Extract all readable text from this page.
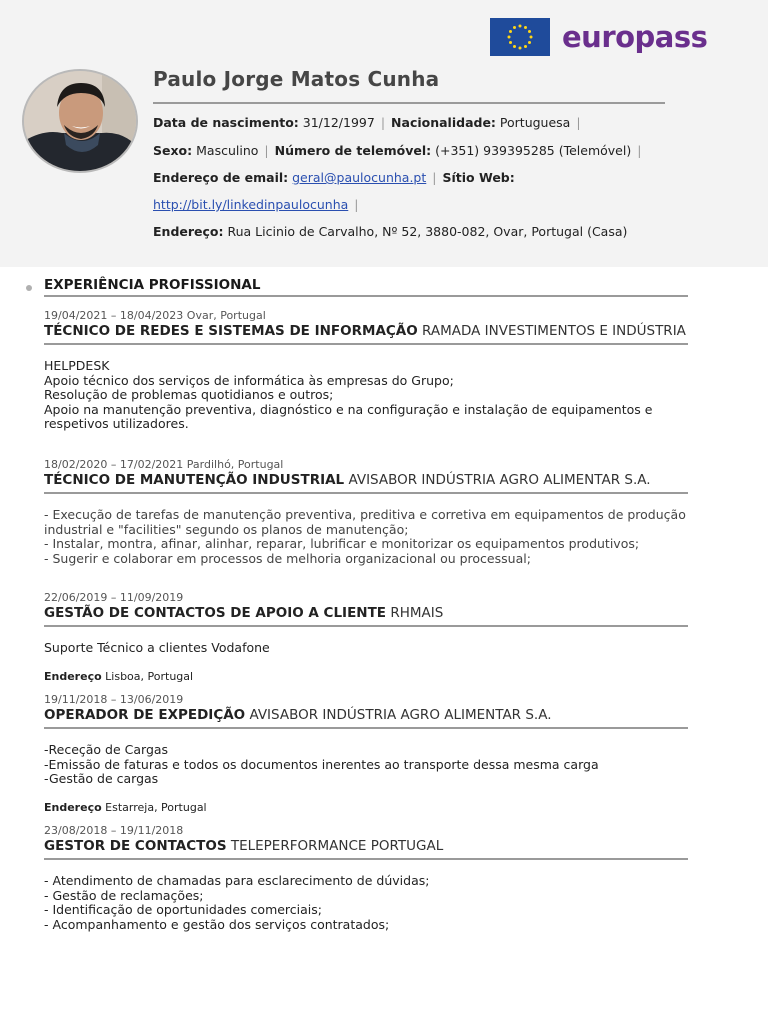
europass
Paulo Jorge Matos Cunha
Data de nascimento: 31/12/1997 | Nacionalidade: Portuguesa |
Sexo: Masculino | Número de telemóvel: (+351) 939395285 (Telemóvel) |
Endereço de email: geral@paulocunha.pt | Sítio Web:
http://bit.ly/linkedinpaulocunha |
Endereço: Rua Licinio de Carvalho, Nº 52, 3880-082, Ovar, Portugal (Casa)
EXPERIÊNCIA PROFISSIONAL
19/04/2021 – 18/04/2023 Ovar, Portugal
TÉCNICO DE REDES E SISTEMAS DE INFORMAÇÃO RAMADA INVESTIMENTOS E INDÚSTRIA
HELPDESK
Apoio técnico dos serviços de informática às empresas do Grupo;
Resolução de problemas quotidianos e outros;
Apoio na manutenção preventiva, diagnóstico e na configuração e instalação de equipamentos e respetivos utilizadores.
18/02/2020 – 17/02/2021 Pardilhó, Portugal
TÉCNICO DE MANUTENÇÃO INDUSTRIAL AVISABOR INDÚSTRIA AGRO ALIMENTAR S.A.
- Execução de tarefas de manutenção preventiva, preditiva e corretiva em equipamentos de produção industrial e "facilities" segundo os planos de manutenção;
- Instalar, montra, afinar, alinhar, reparar, lubrificar e monitorizar os equipamentos produtivos;
- Sugerir e colaborar em processos de melhoria organizacional ou processual;
22/06/2019 – 11/09/2019
GESTÃO DE CONTACTOS DE APOIO A CLIENTE RHMAIS
Suporte Técnico a clientes Vodafone
Endereço Lisboa, Portugal
19/11/2018 – 13/06/2019
OPERADOR DE EXPEDIÇÃO AVISABOR INDÚSTRIA AGRO ALIMENTAR S.A.
-Receção de Cargas
-Emissão de faturas e todos os documentos inerentes ao transporte dessa mesma carga
-Gestão de cargas
Endereço Estarreja, Portugal
23/08/2018 – 19/11/2018
GESTOR DE CONTACTOS TELEPERFORMANCE PORTUGAL
- Atendimento de chamadas para esclarecimento de dúvidas;
- Gestão de reclamações;
- Identificação de oportunidades comerciais;
- Acompanhamento e gestão dos serviços contratados;
